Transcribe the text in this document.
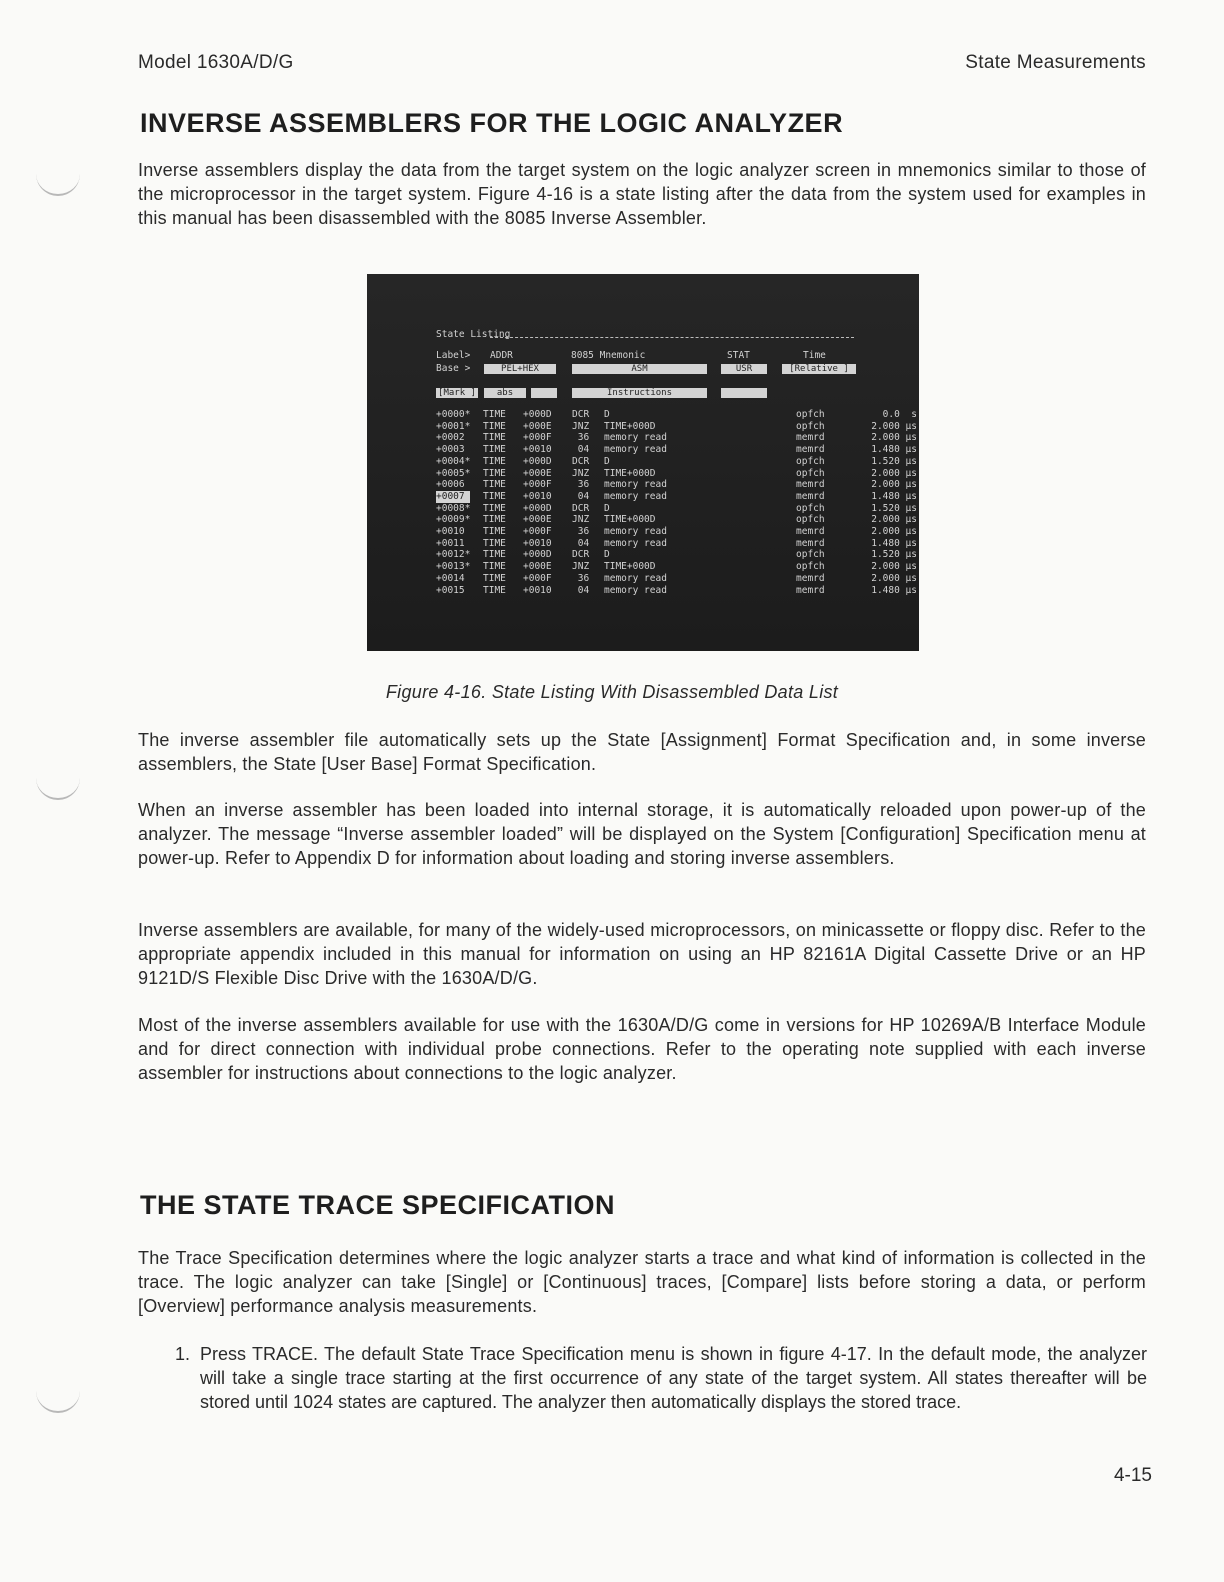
Model 1630A/D/G	State Measurements
INVERSE ASSEMBLERS FOR THE LOGIC ANALYZER

Inverse assemblers display the data from the target system on the logic analyzer screen in mnemonics similar to those of the microprocessor in the target system. Figure 4-16 is a state listing after the data from the system used for examples in this manual has been disassembled with the 8085 Inverse Assembler.

State Listing
Label> ADDR	8085 Mnemonic	STAT	Time
Base >	PEL+HEX	ASM	USR	[Relative ]
[Mark ]	abs	Instructions
+0000* TIME +000D DCR D	opfch	0.0  s
+0001* TIME +000E JNZ TIME+000D	opfch	2.000 µs
+0002 TIME +000F 36 memory read	memrd	2.000 µs
+0003 TIME +0010 04 memory read	memrd	1.480 µs
+0004* TIME +000D DCR D	opfch	1.520 µs
+0005* TIME +000E JNZ TIME+000D	opfch	2.000 µs
+0006 TIME +000F 36 memory read	memrd	2.000 µs
+0007 TIME +0010 04 memory read	memrd	1.480 µs
+0008* TIME +000D DCR D	opfch	1.520 µs
+0009* TIME +000E JNZ TIME+000D	opfch	2.000 µs
+0010 TIME +000F 36 memory read	memrd	2.000 µs
+0011 TIME +0010 04 memory read	memrd	1.480 µs
+0012* TIME +000D DCR D	opfch	1.520 µs
+0013* TIME +000E JNZ TIME+000D	opfch	2.000 µs
+0014 TIME +000F 36 memory read	memrd	2.000 µs
+0015 TIME +0010 04 memory read	memrd	1.480 µs
Figure 4-16. State Listing With Disassembled Data List

The inverse assembler file automatically sets up the State [Assignment] Format Specification and, in some inverse assemblers, the State [User Base] Format Specification.

When an inverse assembler has been loaded into internal storage, it is automatically reloaded upon power-up of the analyzer. The message “Inverse assembler loaded” will be displayed on the System [Configuration] Specification menu at power-up. Refer to Appendix D for information about loading and storing inverse assemblers.

Inverse assemblers are available, for many of the widely-used microprocessors, on minicassette or floppy disc. Refer to the appropriate appendix included in this manual for information on using an HP 82161A Digital Cassette Drive or an HP 9121D/S Flexible Disc Drive with the 1630A/D/G.

Most of the inverse assemblers available for use with the 1630A/D/G come in versions for HP 10269A/B Interface Module and for direct connection with individual probe connections. Refer to the operating note supplied with each inverse assembler for instructions about connections to the logic analyzer.

THE STATE TRACE SPECIFICATION

The Trace Specification determines where the logic analyzer starts a trace and what kind of information is collected in the trace. The logic analyzer can take [Single] or [Continuous] traces, [Compare] lists before storing a data, or perform [Overview] performance analysis measurements.

1. Press TRACE. The default State Trace Specification menu is shown in figure 4-17. In the default mode, the analyzer will take a single trace starting at the first occurrence of any state of the target system. All states thereafter will be stored until 1024 states are captured. The analyzer then automatically displays the stored trace.
4-15
